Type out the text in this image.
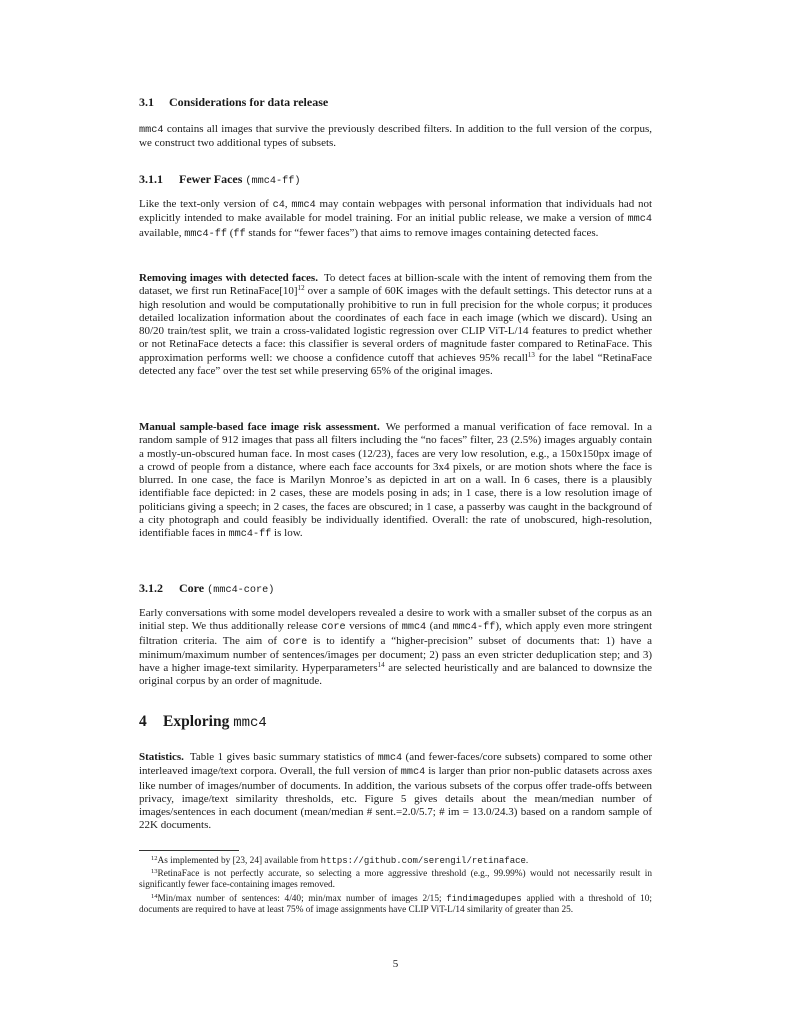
3.1 Considerations for data release

mmc4 contains all images that survive the previously described filters. In addition to the full version of the corpus, we construct two additional types of subsets.

3.1.1 Fewer Faces (mmc4-ff)

Like the text-only version of c4, mmc4 may contain webpages with personal information that individuals had not explicitly intended to make available for model training. For an initial public release, we make a version of mmc4 available, mmc4-ff (ff stands for “fewer faces”) that aims to remove images containing detected faces.

Removing images with detected faces. To detect faces at billion-scale with the intent of removing them from the dataset, we first run $RetinaFace[10]^{12}$ over a sample of 60K images with the default settings. This detector runs at a high resolution and would be computationally prohibitive to run in full precision for the whole corpus; it produces detailed localization information about the coordinates of each face in each image (which we discard). Using an 80/20 train/test split, we train a cross-validated logistic regression over CLIP ViT-L/14 features to predict whether or not RetinaFace detects a face: this classifier is several orders of magnitude faster compared to RetinaFace. This approximation performs well: we choose a confidence cutoff that achieves 95% recall$^{13}$ for the label “RetinaFace detected any face” over the test set while preserving 65% of the original images.

Manual sample-based face image risk assessment. We performed a manual verification of face removal. In a random sample of 912 images that pass all filters including the “no faces” filter, 23 (2.5%) images arguably contain a mostly-un-obscured human face. In most cases (12/23), faces are very low resolution, e.g., a 150x150px image of a crowd of people from a distance, where each face accounts for 3x4 pixels, or are motion shots where the face is blurred. In one case, the face is Marilyn Monroe’s as depicted in art on a wall. In 6 cases, there is a plausibly identifiable face depicted: in 2 cases, these are models posing in ads; in 1 case, there is a low resolution image of politicians giving a speech; in 2 cases, the faces are obscured; in 1 case, a passerby was caught in the background of a city photograph and could feasibly be individually identified. Overall: the rate of unobscured, high-resolution, identifiable faces in mmc4-ff is low.

3.1.2 Core (mmc4-core)

Early conversations with some model developers revealed a desire to work with a smaller subset of the corpus as an initial step. We thus additionally release core versions of mmc4 (and mmc4-ff), which apply even more stringent filtration criteria. The aim of core is to identify a “higher-precision” subset of documents that: 1) have a minimum/maximum number of sentences/images per document; 2) pass an even stricter deduplication step; and 3) have a higher image-text similarity. Hyperparameters$^{14}$ are selected heuristically and are balanced to downsize the original corpus by an order of magnitude.

4 Exploring mmc4

Statistics. Table 1 gives basic summary statistics of mmc4 (and fewer-faces/core subsets) compared to some other interleaved image/text corpora. Overall, the full version of mmc4 is larger than prior non-public datasets across axes like number of images/number of documents. In addition, the various subsets of the corpus offer trade-offs between privacy, image/text similarity thresholds, etc. Figure 5 gives details about the mean/median number of images/sentences in each document (mean/median # sent.=2.0/5.7; # im = 13.0/24.3) based on a random sample of 22K documents.

$^{12}$As implemented by [23, 24] available from https://github.com/serengil/retinaface.

$^{13}$RetinaFace is not perfectly accurate, so selecting a more aggressive threshold (e.g., 99.99%) would not necessarily result in significantly fewer face-containing images removed.

$^{14}$Min/max number of sentences: 4/40; min/max number of images 2/15; findimagedupes applied with a threshold of 10; documents are required to have at least 75% of image assignments have CLIP ViT-L/14 similarity of greater than 25.

5
